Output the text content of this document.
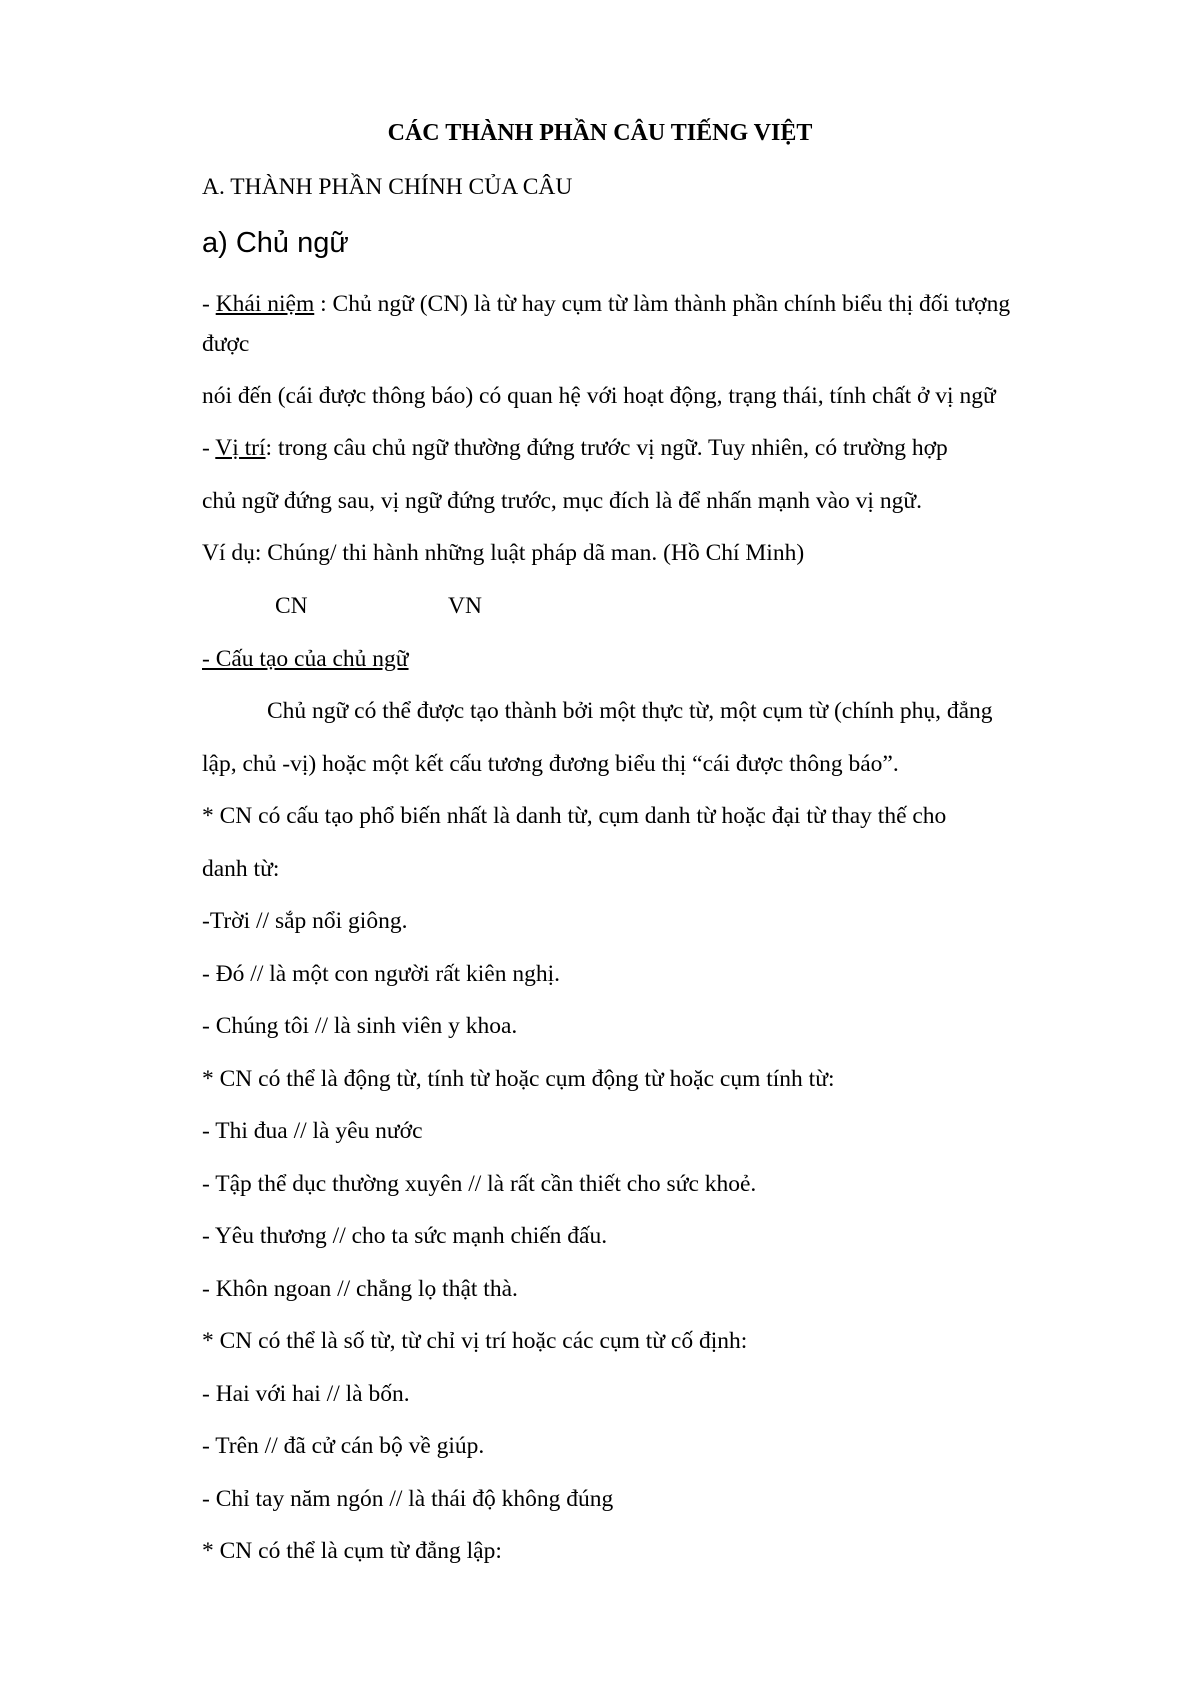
CÁC THÀNH PHẦN CÂU TIẾNG VIỆT
A. THÀNH PHẦN CHÍNH CỦA CÂU
a) Chủ ngữ
- Khái niệm : Chủ ngữ (CN) là từ hay cụm từ làm thành phần chính biểu thị đối tượng
được
nói đến (cái được thông báo) có quan hệ với hoạt động, trạng thái, tính chất ở vị ngữ
- Vị trí: trong câu chủ ngữ thường đứng trước vị ngữ. Tuy nhiên, có trường hợp
chủ ngữ đứng sau, vị ngữ đứng trước, mục đích là để nhấn mạnh vào vị ngữ.
Ví dụ: Chúng/ thi hành những luật pháp dã man. (Hồ Chí Minh)
CN	VN
- Cấu tạo của chủ ngữ
Chủ ngữ có thể được tạo thành bởi một thực từ, một cụm từ (chính phụ, đẳng
lập, chủ -vị) hoặc một kết cấu tương đương biểu thị “cái được thông báo”.
* CN có cấu tạo phổ biến nhất là danh từ, cụm danh từ hoặc đại từ thay thế cho
danh từ:
-Trời // sắp nổi giông.
- Đó // là một con người rất kiên nghị.
- Chúng tôi // là sinh viên y khoa.
* CN có thể là động từ, tính từ hoặc cụm động từ hoặc cụm tính từ:
- Thi đua // là yêu nước
- Tập thể dục thường xuyên // là rất cần thiết cho sức khoẻ.
- Yêu thương // cho ta sức mạnh chiến đấu.
- Khôn ngoan // chẳng lọ thật thà.
* CN có thể là số từ, từ chỉ vị trí hoặc các cụm từ cố định:
- Hai với hai // là bốn.
- Trên // đã cử cán bộ về giúp.
- Chỉ tay năm ngón // là thái độ không đúng
* CN có thể là cụm từ đẳng lập:
